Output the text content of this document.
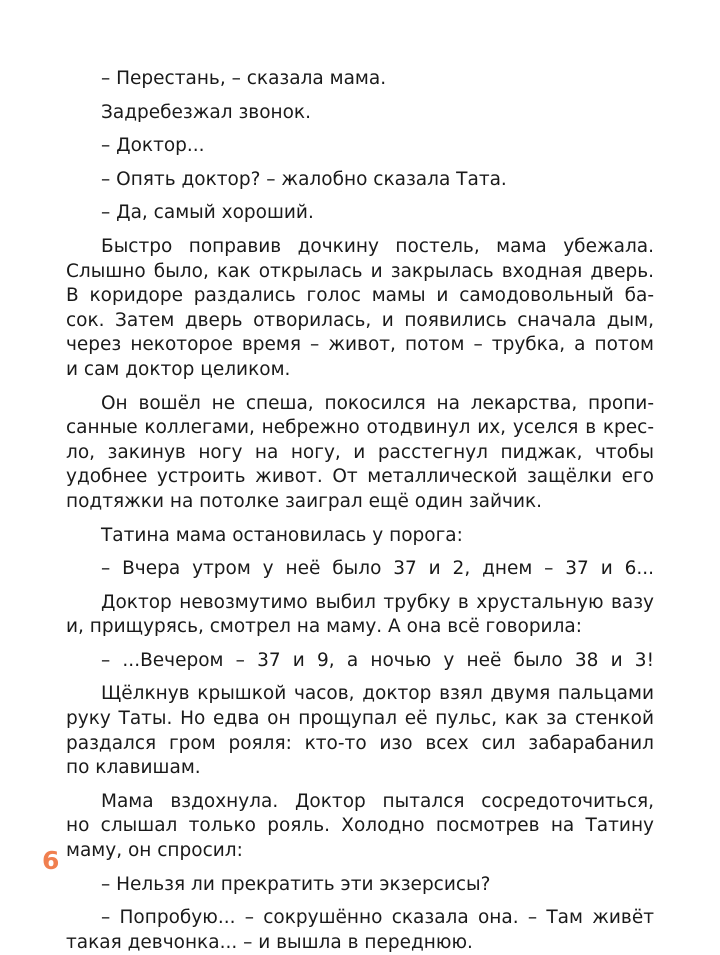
– Перестань, – сказала мама.
Задребезжал звонок.
– Доктор...
– Опять доктор? – жалобно сказала Тата.
– Да, самый хороший.
Быстро поправив дочкину постель, мама убежала.
Слышно было, как открылась и закрылась входная дверь.
В коридоре раздались голос мамы и самодовольный ба-
сок. Затем дверь отворилась, и появились сначала дым,
через некоторое время – живот, потом – трубка, а потом
и сам доктор целиком.
Он вошёл не спеша, покосился на лекарства, пропи-
санные коллегами, небрежно отодвинул их, уселся в крес-
ло, закинув ногу на ногу, и расстегнул пиджак, чтобы
удобнее устроить живот. От металлической защёлки его
подтяжки на потолке заиграл ещё один зайчик.
Татина мама остановилась у порога:
– Вчера утром у неё было 37 и 2, днем – 37 и 6...
Доктор невозмутимо выбил трубку в хрустальную вазу
и, прищурясь, смотрел на маму. А она всё говорила:
– ...Вечером – 37 и 9, а ночью у неё было 38 и 3!
Щёлкнув крышкой часов, доктор взял двумя пальцами
руку Таты. Но едва он прощупал её пульс, как за стенкой
раздался гром рояля: кто-то изо всех сил забарабанил
по клавишам.
Мама вздохнула. Доктор пытался сосредоточиться,
но слышал только рояль. Холодно посмотрев на Татину
маму, он спросил:
– Нельзя ли прекратить эти экзерсисы?
– Попробую... – сокрушённо сказала она. – Там живёт
такая девчонка... – и вышла в переднюю.
6
